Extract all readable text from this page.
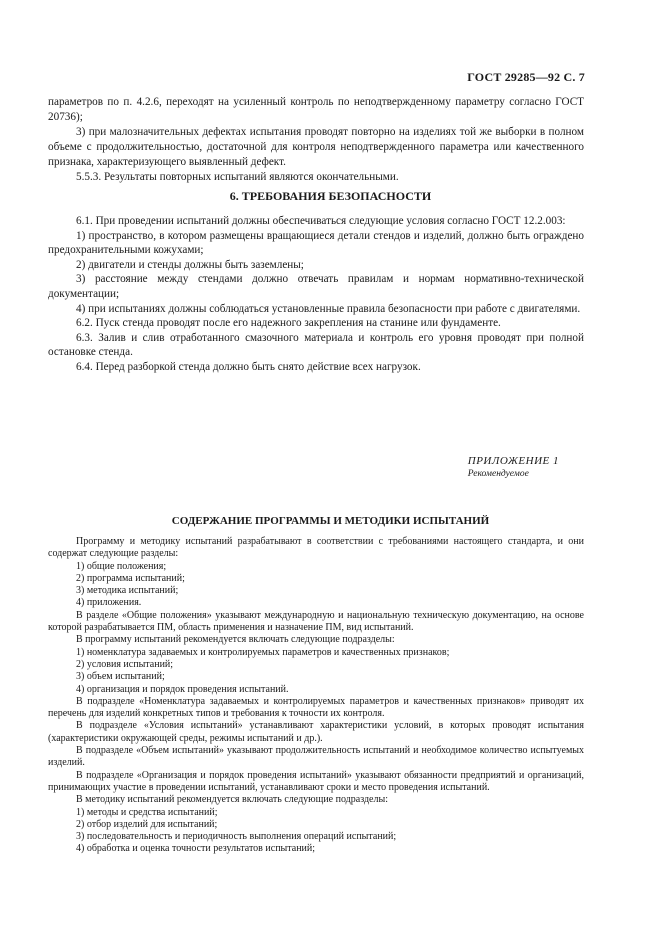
ГОСТ 29285—92 С. 7

параметров по п. 4.2.6, переходят на усиленный контроль по неподтвержденному параметру согласно ГОСТ 20736);

3) при малозначительных дефектах испытания проводят повторно на изделиях той же выборки в полном объеме с продолжительностью, достаточной для контроля неподтвержденного параметра или качественного признака, характеризующего выявленный дефект.

5.5.3. Результаты повторных испытаний являются окончательными.

6. ТРЕБОВАНИЯ БЕЗОПАСНОСТИ

6.1. При проведении испытаний должны обеспечиваться следующие условия согласно ГОСТ 12.2.003:

1) пространство, в котором размещены вращающиеся детали стендов и изделий, должно быть ограждено предохранительными кожухами;

2) двигатели и стенды должны быть заземлены;

3) расстояние между стендами должно отвечать правилам и нормам нормативно-технической документации;

4) при испытаниях должны соблюдаться установленные правила безопасности при работе с двигателями.

6.2. Пуск стенда проводят после его надежного закрепления на станине или фундаменте.

6.3. Залив и слив отработанного смазочного материала и контроль его уровня проводят при полной остановке стенда.

6.4. Перед разборкой стенда должно быть снято действие всех нагрузок.

ПРИЛОЖЕНИЕ 1
Рекомендуемое
СОДЕРЖАНИЕ ПРОГРАММЫ И МЕТОДИКИ ИСПЫТАНИЙ

Программу и методику испытаний разрабатывают в соответствии с требованиями настоящего стандарта, и они содержат следующие разделы:

1) общие положения;

2) программа испытаний;

3) методика испытаний;

4) приложения.

В разделе «Общие положения» указывают международную и национальную техническую документацию, на основе которой разрабатывается ПМ, область применения и назначение ПМ, вид испытаний.

В программу испытаний рекомендуется включать следующие подразделы:

1) номенклатура задаваемых и контролируемых параметров и качественных признаков;

2) условия испытаний;

3) объем испытаний;

4) организация и порядок проведения испытаний.

В подразделе «Номенклатура задаваемых и контролируемых параметров и качественных признаков» приводят их перечень для изделий конкретных типов и требования к точности их контроля.

В подразделе «Условия испытаний» устанавливают характеристики условий, в которых проводят испытания (характеристики окружающей среды, режимы испытаний и др.).

В подразделе «Объем испытаний» указывают продолжительность испытаний и необходимое количество испытуемых изделий.

В подразделе «Организация и порядок проведения испытаний» указывают обязанности предприятий и организаций, принимающих участие в проведении испытаний, устанавливают сроки и место проведения испытаний.

В методику испытаний рекомендуется включать следующие подразделы:

1) методы и средства испытаний;

2) отбор изделий для испытаний;

3) последовательность и периодичность выполнения операций испытаний;

4) обработка и оценка точности результатов испытаний;
